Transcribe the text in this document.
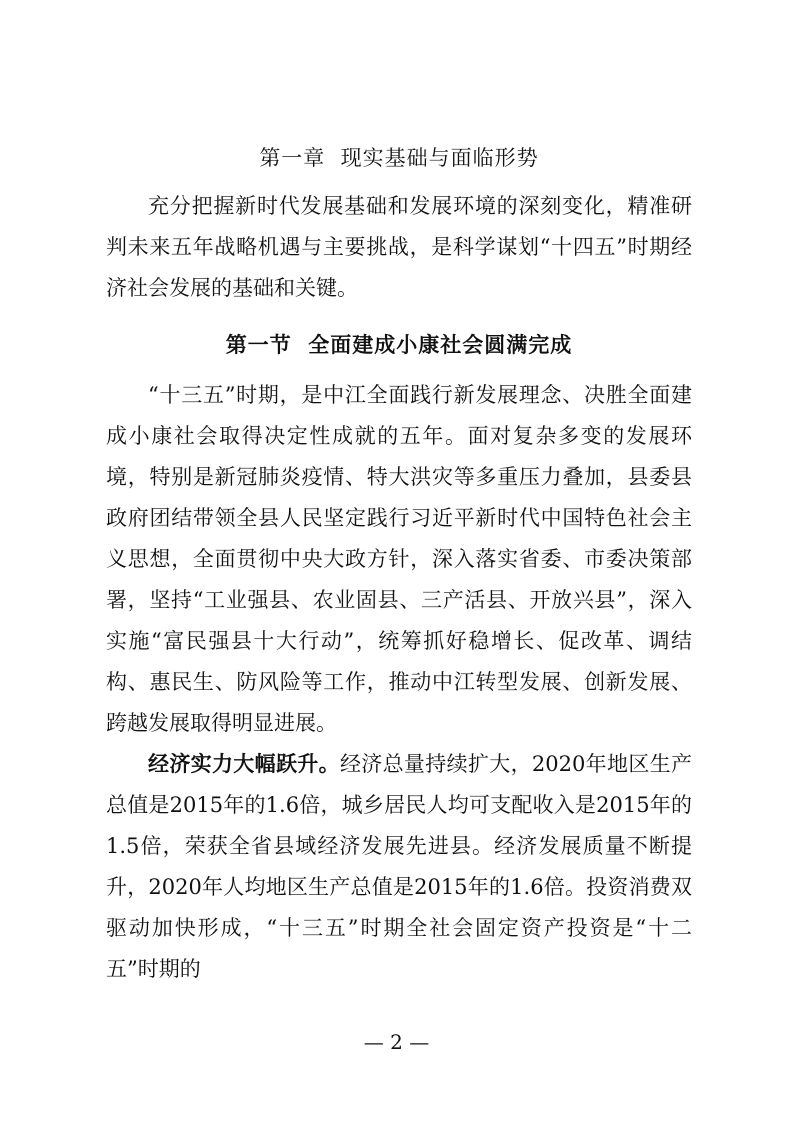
第一章  现实基础与面临形势

充分把握新时代发展基础和发展环境的深刻变化，精准研判未来五年战略机遇与主要挑战，是科学谋划“十四五”时期经济社会发展的基础和关键。

第一节  全面建成小康社会圆满完成

“十三五”时期，是中江全面践行新发展理念、决胜全面建成小康社会取得决定性成就的五年。面对复杂多变的发展环境，特别是新冠肺炎疫情、特大洪灾等多重压力叠加，县委县政府团结带领全县人民坚定践行习近平新时代中国特色社会主义思想，全面贯彻中央大政方针，深入落实省委、市委决策部署，坚持“工业强县、农业固县、三产活县、开放兴县”，深入实施“富民强县十大行动”，统筹抓好稳增长、促改革、调结构、惠民生、防风险等工作，推动中江转型发展、创新发展、跨越发展取得明显进展。

经济实力大幅跃升。经济总量持续扩大，2020年地区生产总值是2015年的1.6倍，城乡居民人均可支配收入是2015年的1.5倍，荣获全省县域经济发展先进县。经济发展质量不断提升，2020年人均地区生产总值是2015年的1.6倍。投资消费双驱动加快形成，“十三五”时期全社会固定资产投资是“十二五”时期的

— 2 —
